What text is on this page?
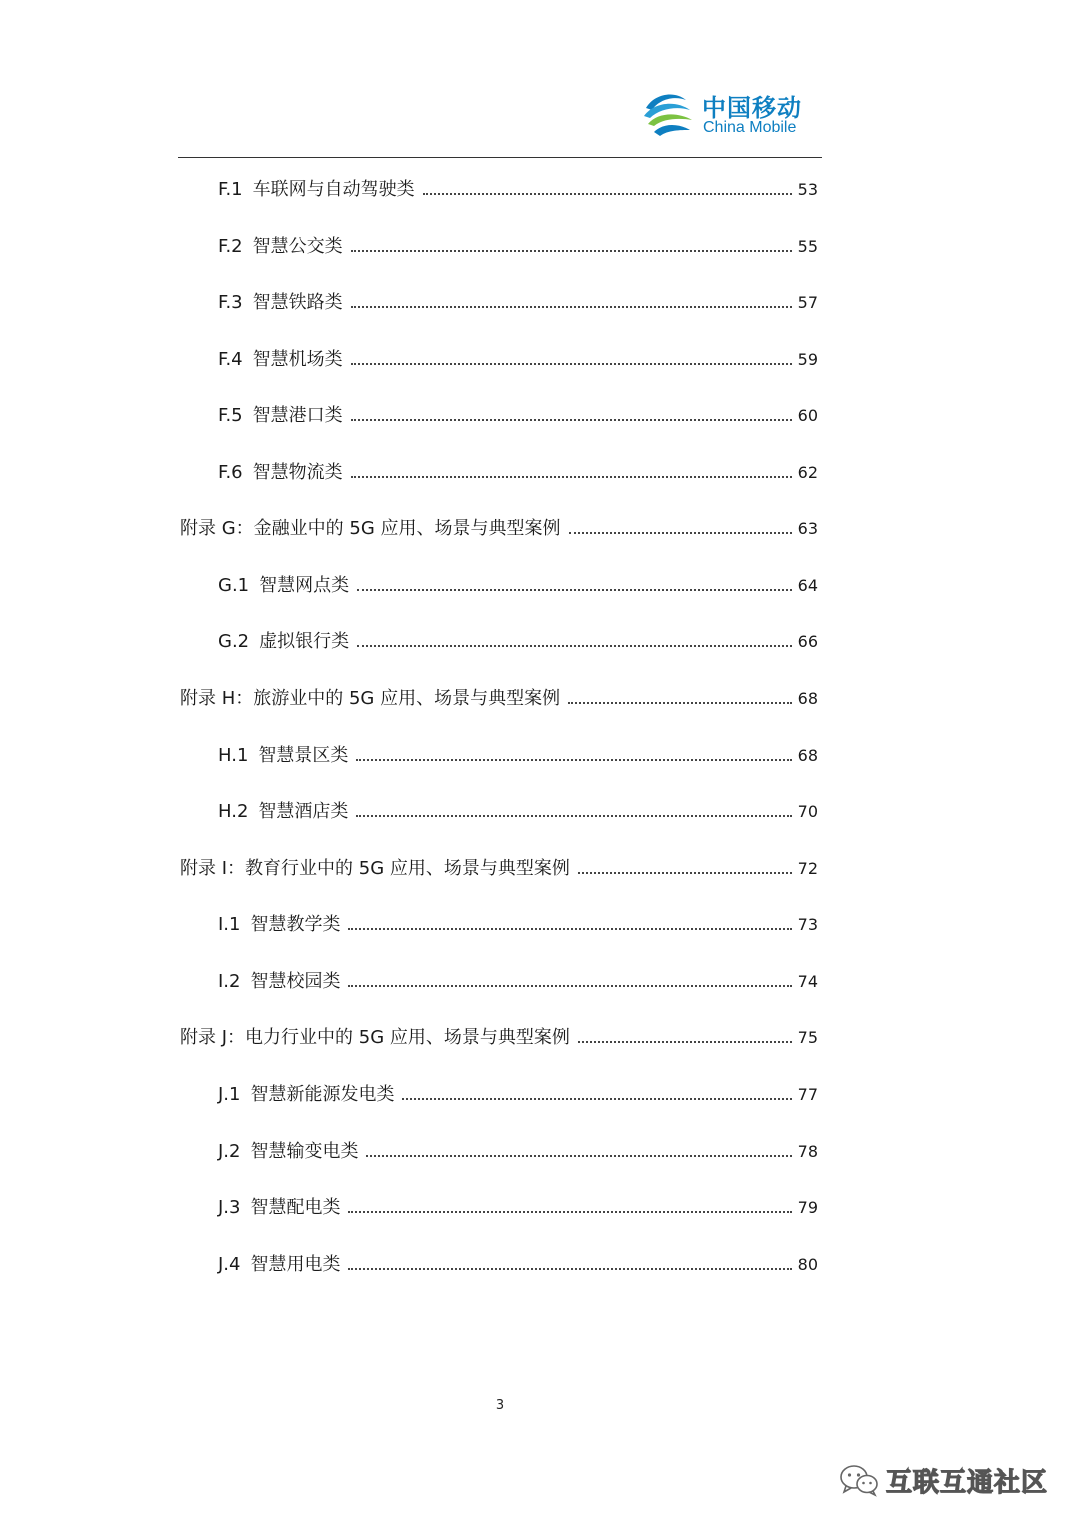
中国移动
China Mobile
F.1 车联网与自动驾驶类	53
F.2 智慧公交类	55
F.3 智慧铁路类	57
F.4 智慧机场类	59
F.5 智慧港口类	60
F.6 智慧物流类	62
附录 G：金融业中的 5G 应用、场景与典型案例	63
G.1 智慧网点类	64
G.2 虚拟银行类	66
附录 H：旅游业中的 5G 应用、场景与典型案例	68
H.1 智慧景区类	68
H.2 智慧酒店类	70
附录 I：教育行业中的 5G 应用、场景与典型案例	72
I.1 智慧教学类	73
I.2 智慧校园类	74
附录 J：电力行业中的 5G 应用、场景与典型案例	75
J.1 智慧新能源发电类	77
J.2 智慧输变电类	78
J.3 智慧配电类	79
J.4 智慧用电类	80
3
互联互通社区
